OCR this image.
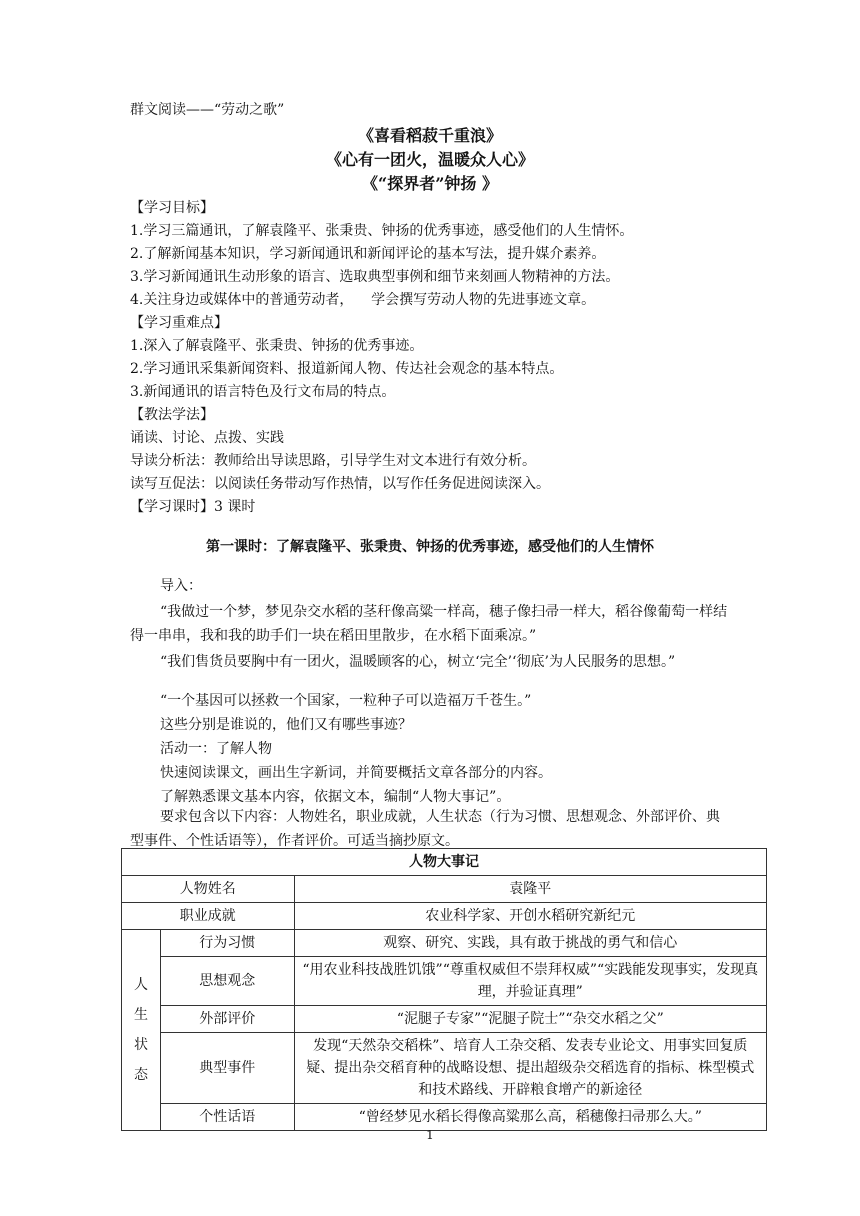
群文阅读——“劳动之歌”
《喜看稻菽千重浪》
《心有一团火，温暖众人心》
《“探界者”钟扬 》
【学习目标】
1.学习三篇通讯，了解袁隆平、张秉贵、钟扬的优秀事迹，感受他们的人生情怀。
2.了解新闻基本知识，学习新闻通讯和新闻评论的基本写法，提升媒介素养。
3.学习新闻通讯生动形象的语言、选取典型事例和细节来刻画人物精神的方法。
4.关注身边或媒体中的普通劳动者，    学会撰写劳动人物的先进事迹文章。
【学习重难点】
1.深入了解袁隆平、张秉贵、钟扬的优秀事迹。
2.学习通讯采集新闻资料、报道新闻人物、传达社会观念的基本特点。
3.新闻通讯的语言特色及行文布局的特点。
【教法学法】
诵读、讨论、点拨、实践
导读分析法：教师给出导读思路，引导学生对文本进行有效分析。
读写互促法：以阅读任务带动写作热情，以写作任务促进阅读深入。
【学习课时】3 课时
第一课时：了解袁隆平、张秉贵、钟扬的优秀事迹，感受他们的人生情怀
导入：
“我做过一个梦，梦见杂交水稻的茎秆像高粱一样高，穗子像扫帚一样大，稻谷像葡萄一样结得一串串，我和我的助手们一块在稻田里散步，在水稻下面乘凉。”
“我们售货员要胸中有一团火，温暖顾客的心，树立‘完全’‘彻底’为人民服务的思想。”
“一个基因可以拯救一个国家，一粒种子可以造福万千苍生。”
这些分别是谁说的，他们又有哪些事迹？
活动一：了解人物
快速阅读课文，画出生字新词，并简要概括文章各部分的内容。
了解熟悉课文基本内容，依据文本，编制“人物大事记”。
要求包含以下内容：人物姓名，职业成就，人生状态（行为习惯、思想观念、外部评价、典型事件、个性话语等），作者评价。可适当摘抄原文。
人物大事记		
人物姓名		袁隆平
职业成就		农业科学家、开创水稻研究新纪元
人生状态	行为习惯	观察、研究、实践，具有敢于挑战的勇气和信心
	思想观念	“用农业科技战胜饥饿”“尊重权威但不崇拜权威”“实践能发现事实，发现真理，并验证真理”
	外部评价	“泥腿子专家”“泥腿子院士”“杂交水稻之父”
	典型事件	发现“天然杂交稻株”、培育人工杂交稻、发表专业论文、用事实回复质疑、提出杂交稻育种的战略设想、提出超级杂交稻选育的指标、株型模式和技术路线、开辟粮食增产的新途径
	个性话语	“曾经梦见水稻长得像高粱那么高，稻穗像扫帚那么大。”
1
